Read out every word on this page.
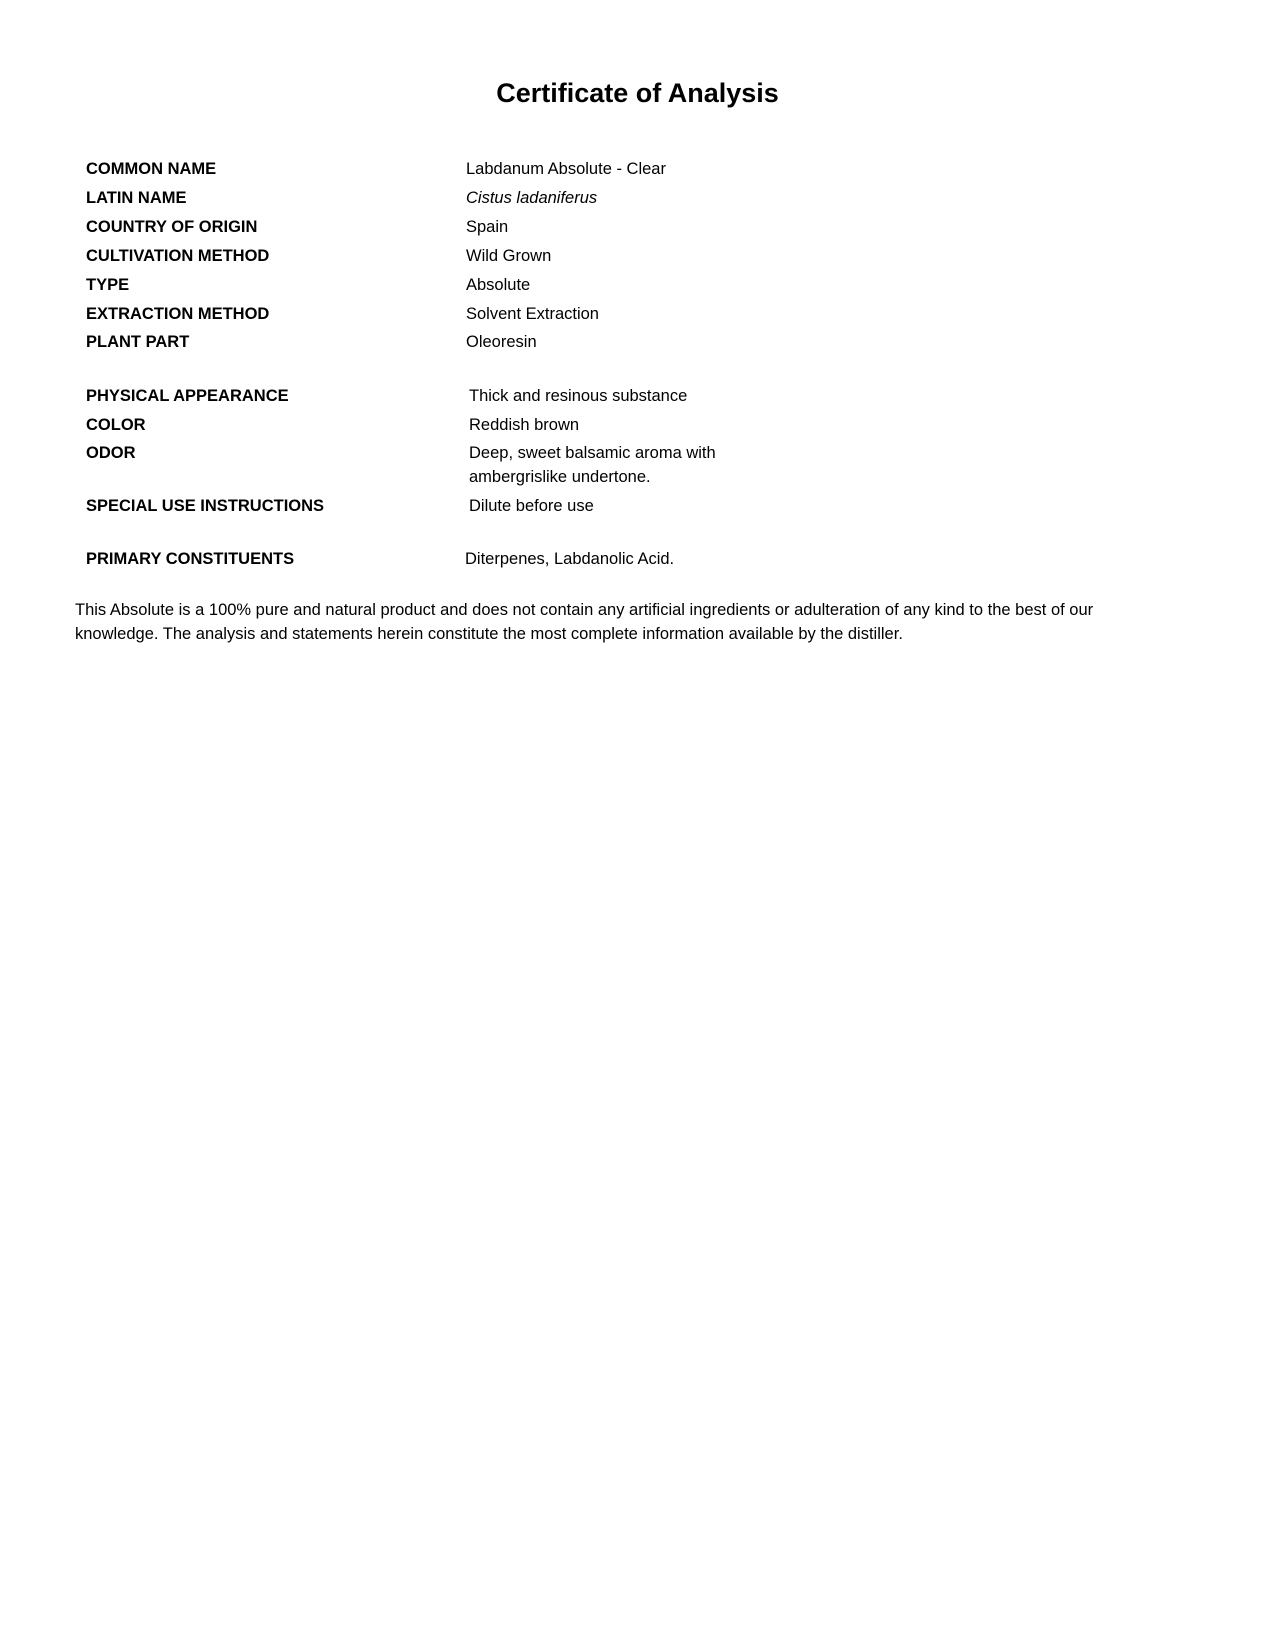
Certificate of Analysis
COMMON NAME	Labdanum Absolute - Clear
LATIN NAME	Cistus ladaniferus
COUNTRY OF ORIGIN	Spain
CULTIVATION METHOD	Wild Grown
TYPE	Absolute
EXTRACTION METHOD	Solvent Extraction
PLANT PART	Oleoresin
PHYSICAL APPEARANCE	Thick and resinous substance
COLOR	Reddish brown
ODOR	Deep, sweet balsamic aroma with ambergrislike undertone.
SPECIAL USE INSTRUCTIONS	Dilute before use
PRIMARY CONSTITUENTS	Diterpenes, Labdanolic Acid.

This Absolute is a 100% pure and natural product and does not contain any artificial ingredients or adulteration of any kind to the best of our knowledge. The analysis and statements herein constitute the most complete information available by the distiller.
